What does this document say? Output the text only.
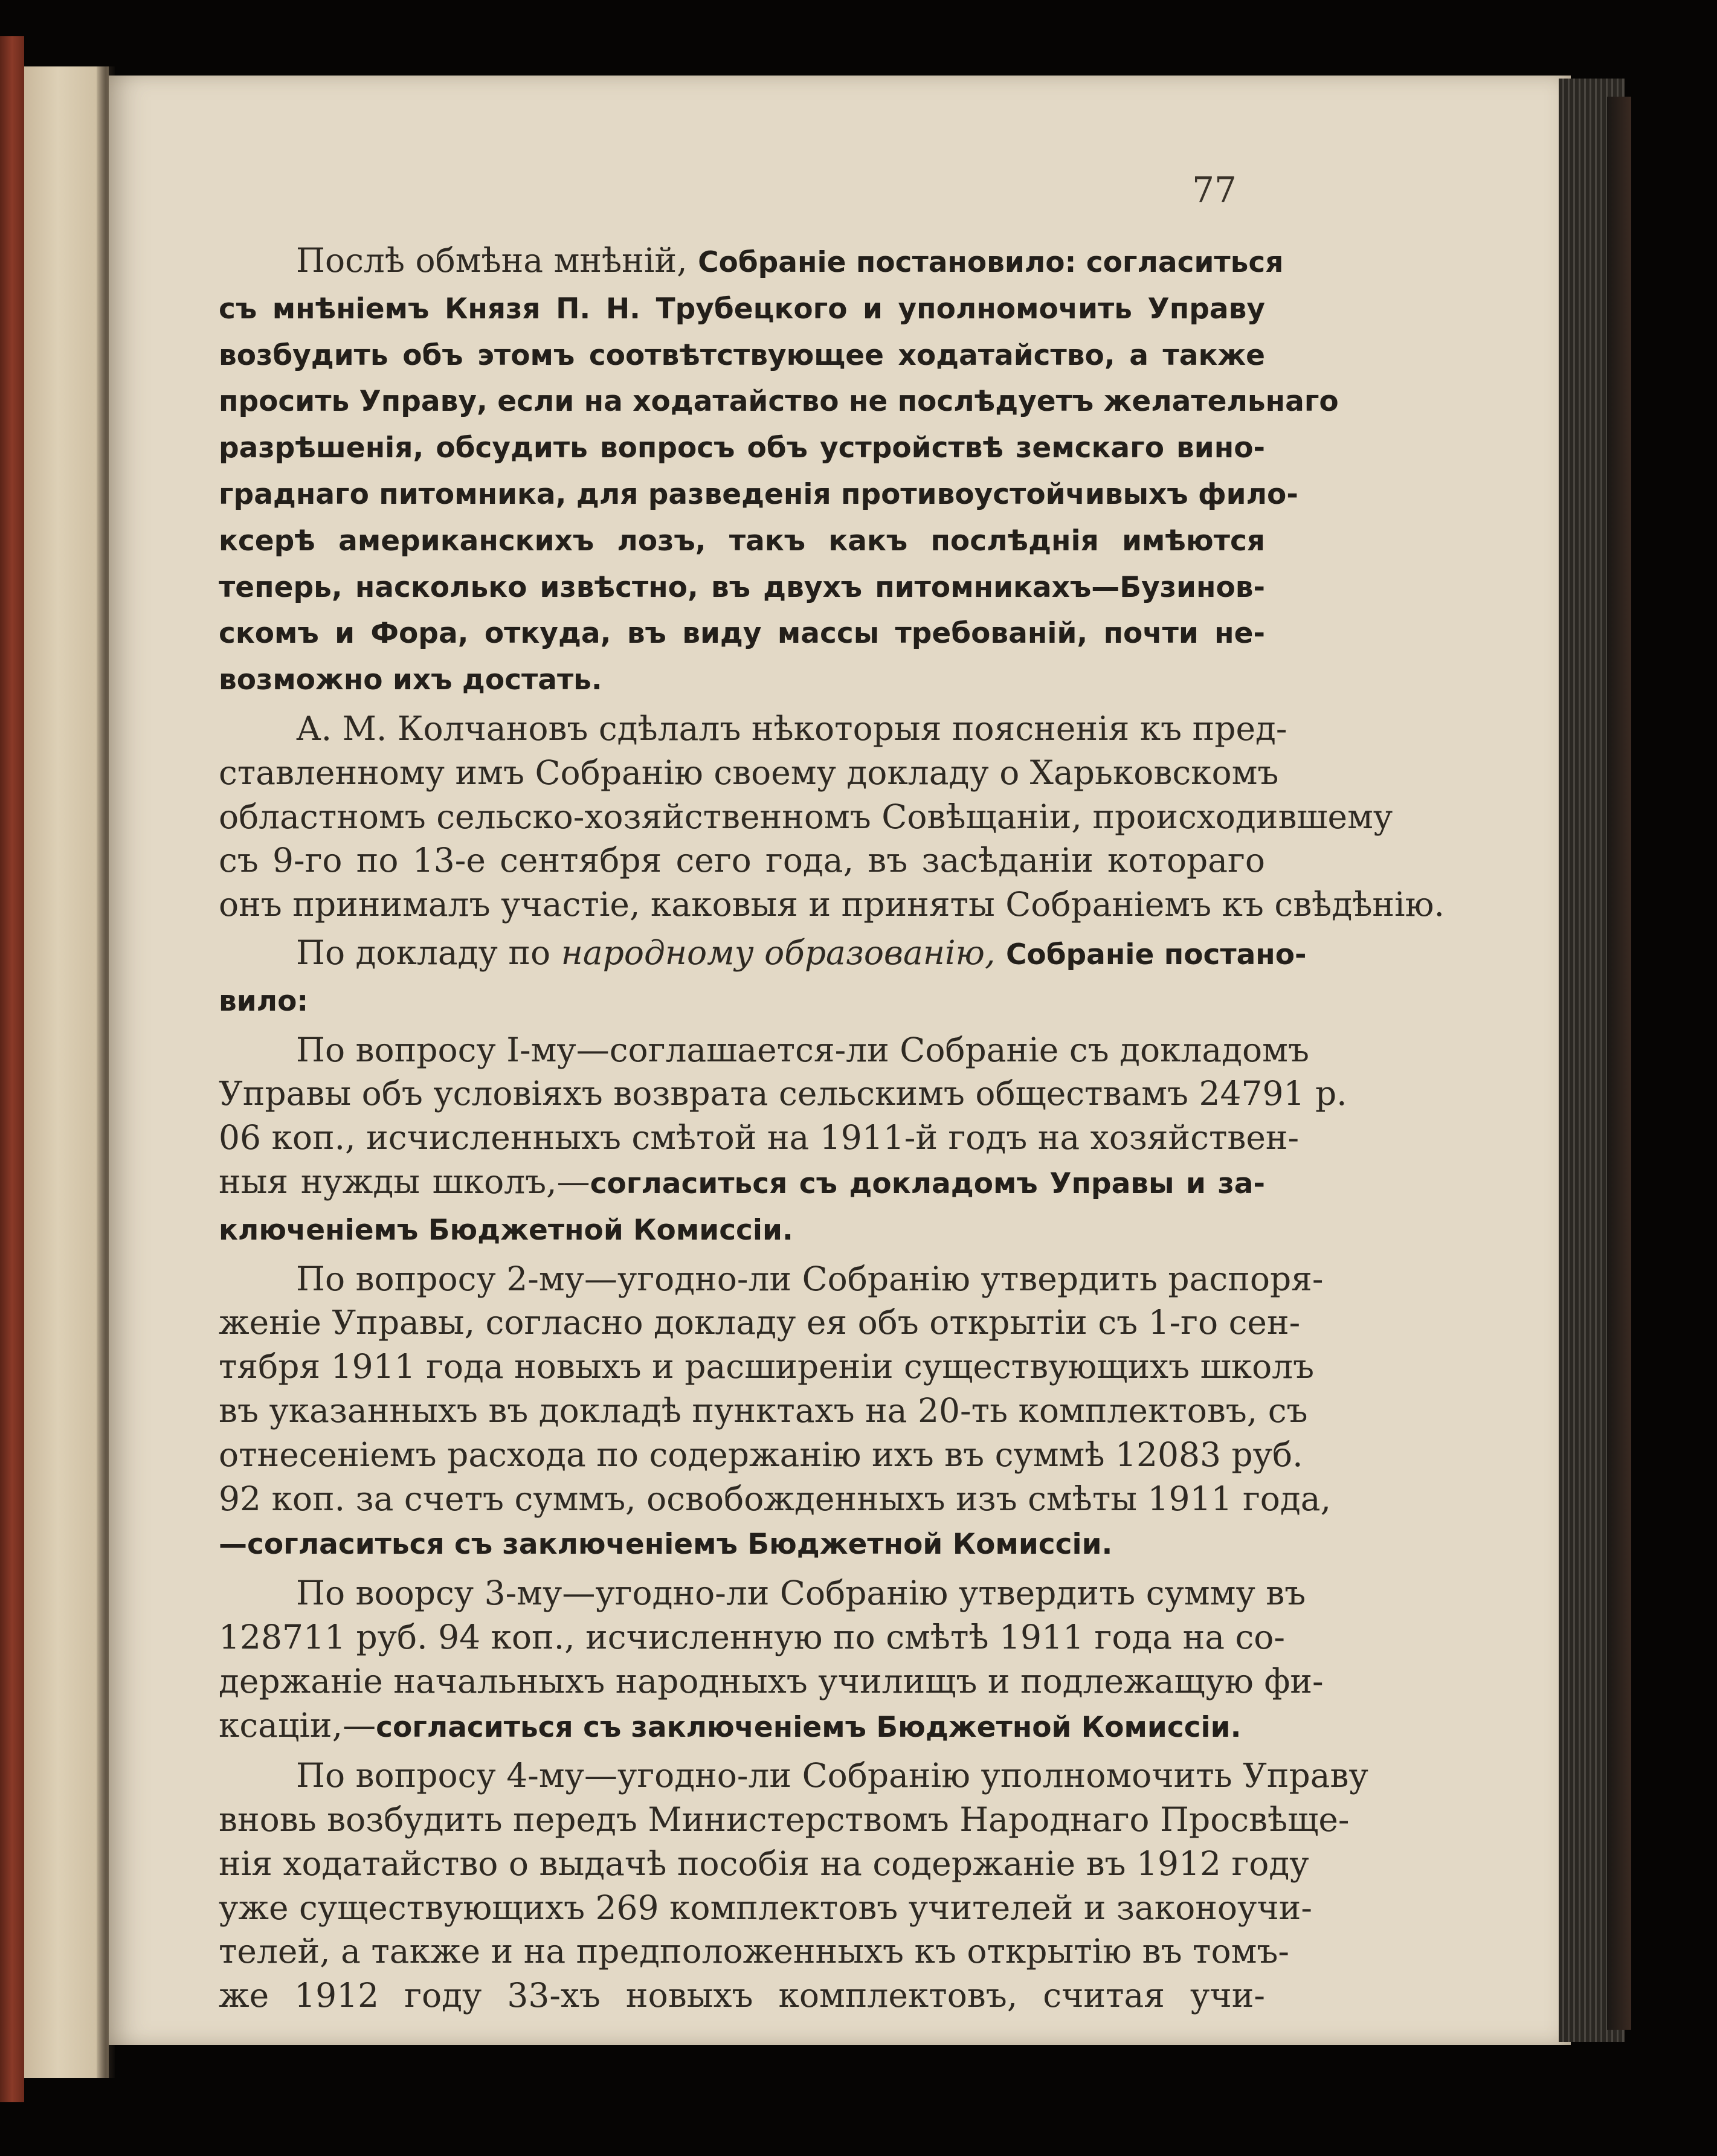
77
Послѣ обмѣна мнѣній, Собраніе постановило: согласиться
съ мнѣніемъ Князя П. Н. Трубецкого и уполномочить Управу
возбудить объ этомъ соотвѣтствующее ходатайство, а также
просить Управу, если на ходатайство не послѣдуетъ желательнаго
разрѣшенія, обсудить вопросъ объ устройствѣ земскаго вино-
граднаго питомника, для разведенія противоустойчивыхъ фило-
ксерѣ американскихъ лозъ, такъ какъ послѣднія имѣются
теперь, насколько извѣстно, въ двухъ питомникахъ—Бузинов-
скомъ и Фора, откуда, въ виду массы требованій, почти не-
возможно ихъ достать.
А. М. Колчановъ сдѣлалъ нѣкоторыя поясненія къ пред-
ставленному имъ Собранію своему докладу о Харьковскомъ
областномъ сельско-хозяйственномъ Совѣщаніи, происходившему
съ 9-го по 13-е сентября сего года, въ засѣданіи котораго
онъ принималъ участіе, каковыя и приняты Собраніемъ къ свѣдѣнію.
По докладу по народному образованію, Собраніе постано-
вило:
По вопросу I-му—соглашается-ли Собраніе съ докладомъ
Управы объ условіяхъ возврата сельскимъ обществамъ 24791 р.
06 коп., исчисленныхъ смѣтой на 1911-й годъ на хозяйствен-
ныя нужды школъ,—согласиться съ докладомъ Управы и за-
ключеніемъ Бюджетной Комиссіи.
По вопросу 2-му—угодно-ли Собранію утвердить распоря-
женіе Управы, согласно докладу ея объ открытіи съ 1-го сен-
тября 1911 года новыхъ и расширеніи существующихъ школъ
въ указанныхъ въ докладѣ пунктахъ на 20-ть комплектовъ, съ
отнесеніемъ расхода по содержанію ихъ въ суммѣ 12083 руб.
92 коп. за счетъ суммъ, освобожденныхъ изъ смѣты 1911 года,
—согласиться съ заключеніемъ Бюджетной Комиссіи.
По воорсу 3-му—угодно-ли Собранію утвердить сумму въ
128711 руб. 94 коп., исчисленную по смѣтѣ 1911 года на со-
держаніе начальныхъ народныхъ училищъ и подлежащую фи-
ксаціи,—согласиться съ заключеніемъ Бюджетной Комиссіи.
По вопросу 4-му—угодно-ли Собранію уполномочить Управу
вновь возбудить передъ Министерствомъ Народнаго Просвѣще-
нія ходатайство о выдачѣ пособія на содержаніе въ 1912 году
уже существующихъ 269 комплектовъ учителей и законоучи-
телей, а также и на предположенныхъ къ открытію въ томъ-
же 1912 году 33-хъ новыхъ комплектовъ, считая учи-
